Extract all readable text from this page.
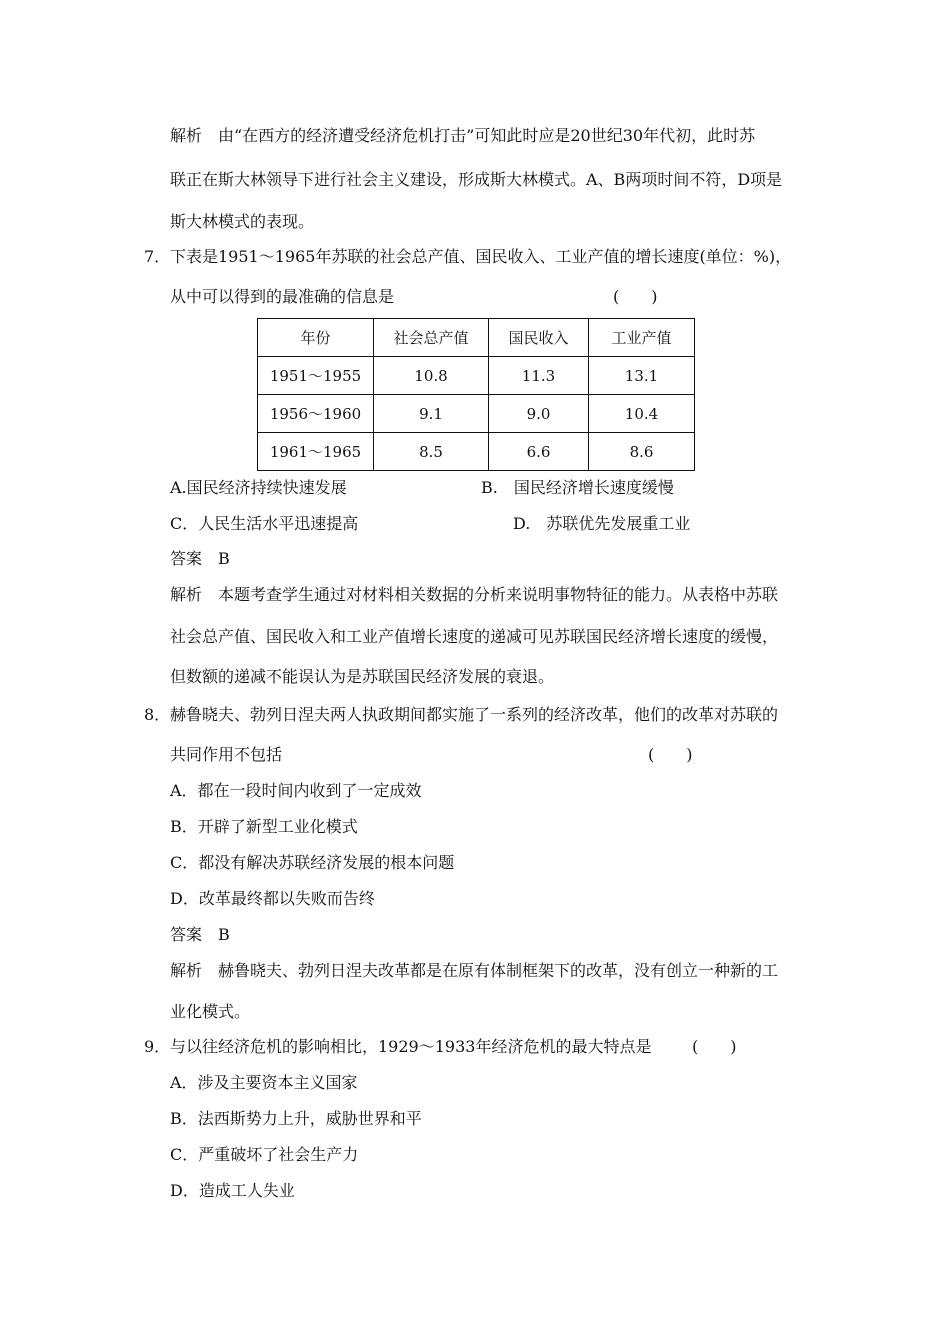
解析　由“在西方的经济遭受经济危机打击”可知此时应是20世纪30年代初，此时苏
联正在斯大林领导下进行社会主义建设，形成斯大林模式。A、B两项时间不符，D项是
斯大林模式的表现。
7． 下表是1951～1965年苏联的社会总产值、国民收入、工业产值的增长速度(单位：%)，
从中可以得到的最准确的信息是	(　　)
年份	社会总产值	国民收入	工业产值
1951～1955	10.8	11.3	13.1
1956～1960	9.1	9.0	10.4
1961～1965	8.5	6.6	8.6
A.国民经济持续快速发展	B.　国民经济增长速度缓慢
C．人民生活水平迅速提高	D.　苏联优先发展重工业
答案　B
解析　本题考查学生通过对材料相关数据的分析来说明事物特征的能力。从表格中苏联
社会总产值、国民收入和工业产值增长速度的递减可见苏联国民经济增长速度的缓慢，
但数额的递减不能误认为是苏联国民经济发展的衰退。
8． 赫鲁晓夫、勃列日涅夫两人执政期间都实施了一系列的经济改革，他们的改革对苏联的
共同作用不包括	(　　)
A．都在一段时间内收到了一定成效
B．开辟了新型工业化模式
C．都没有解决苏联经济发展的根本问题
D．改革最终都以失败而告终
答案　B
解析　赫鲁晓夫、勃列日涅夫改革都是在原有体制框架下的改革，没有创立一种新的工
业化模式。
9． 与以往经济危机的影响相比，1929～1933年经济危机的最大特点是	(　　)
A．涉及主要资本主义国家
B．法西斯势力上升，威胁世界和平
C．严重破坏了社会生产力
D．造成工人失业
